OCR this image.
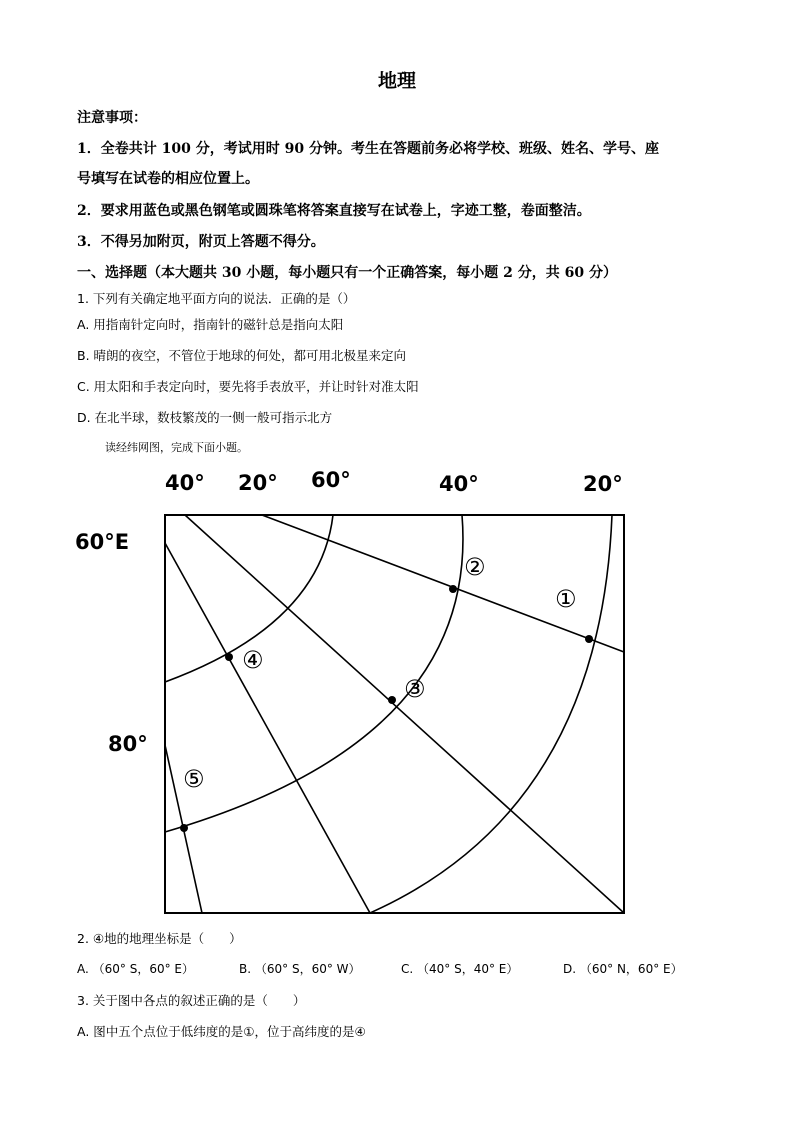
地理
注意事项：
1．全卷共计 100 分，考试用时 90 分钟。考生在答题前务必将学校、班级、姓名、学号、座
号填写在试卷的相应位置上。
2．要求用蓝色或黑色钢笔或圆珠笔将答案直接写在试卷上，字迹工整，卷面整洁。
3．不得另加附页，附页上答题不得分。
一、选择题（本大题共 30 小题，每小题只有一个正确答案，每小题 2 分，共 60 分）
1. 下列有关确定地平面方向的说法．正确的是（）
A. 用指南针定向时，指南针的磁针总是指向太阳
B. 晴朗的夜空，不管位于地球的何处，都可用北极星来定向
C. 用太阳和手表定向时，要先将手表放平，并让时针对准太阳
D. 在北半球，数枝繁茂的一侧一般可指示北方
读经纬网图，完成下面小题。
40° 20° 60°	40°	20°
60°E
80°
①
②
③
④
⑤
2. ④地的地理坐标是（　　）
A. （60° S，60° E）	B. （60° S，60° W）	C. （40° S，40° E）	D. （60° N，60° E）
3. 关于图中各点的叙述正确的是（　　）
A. 图中五个点位于低纬度的是①，位于高纬度的是④
